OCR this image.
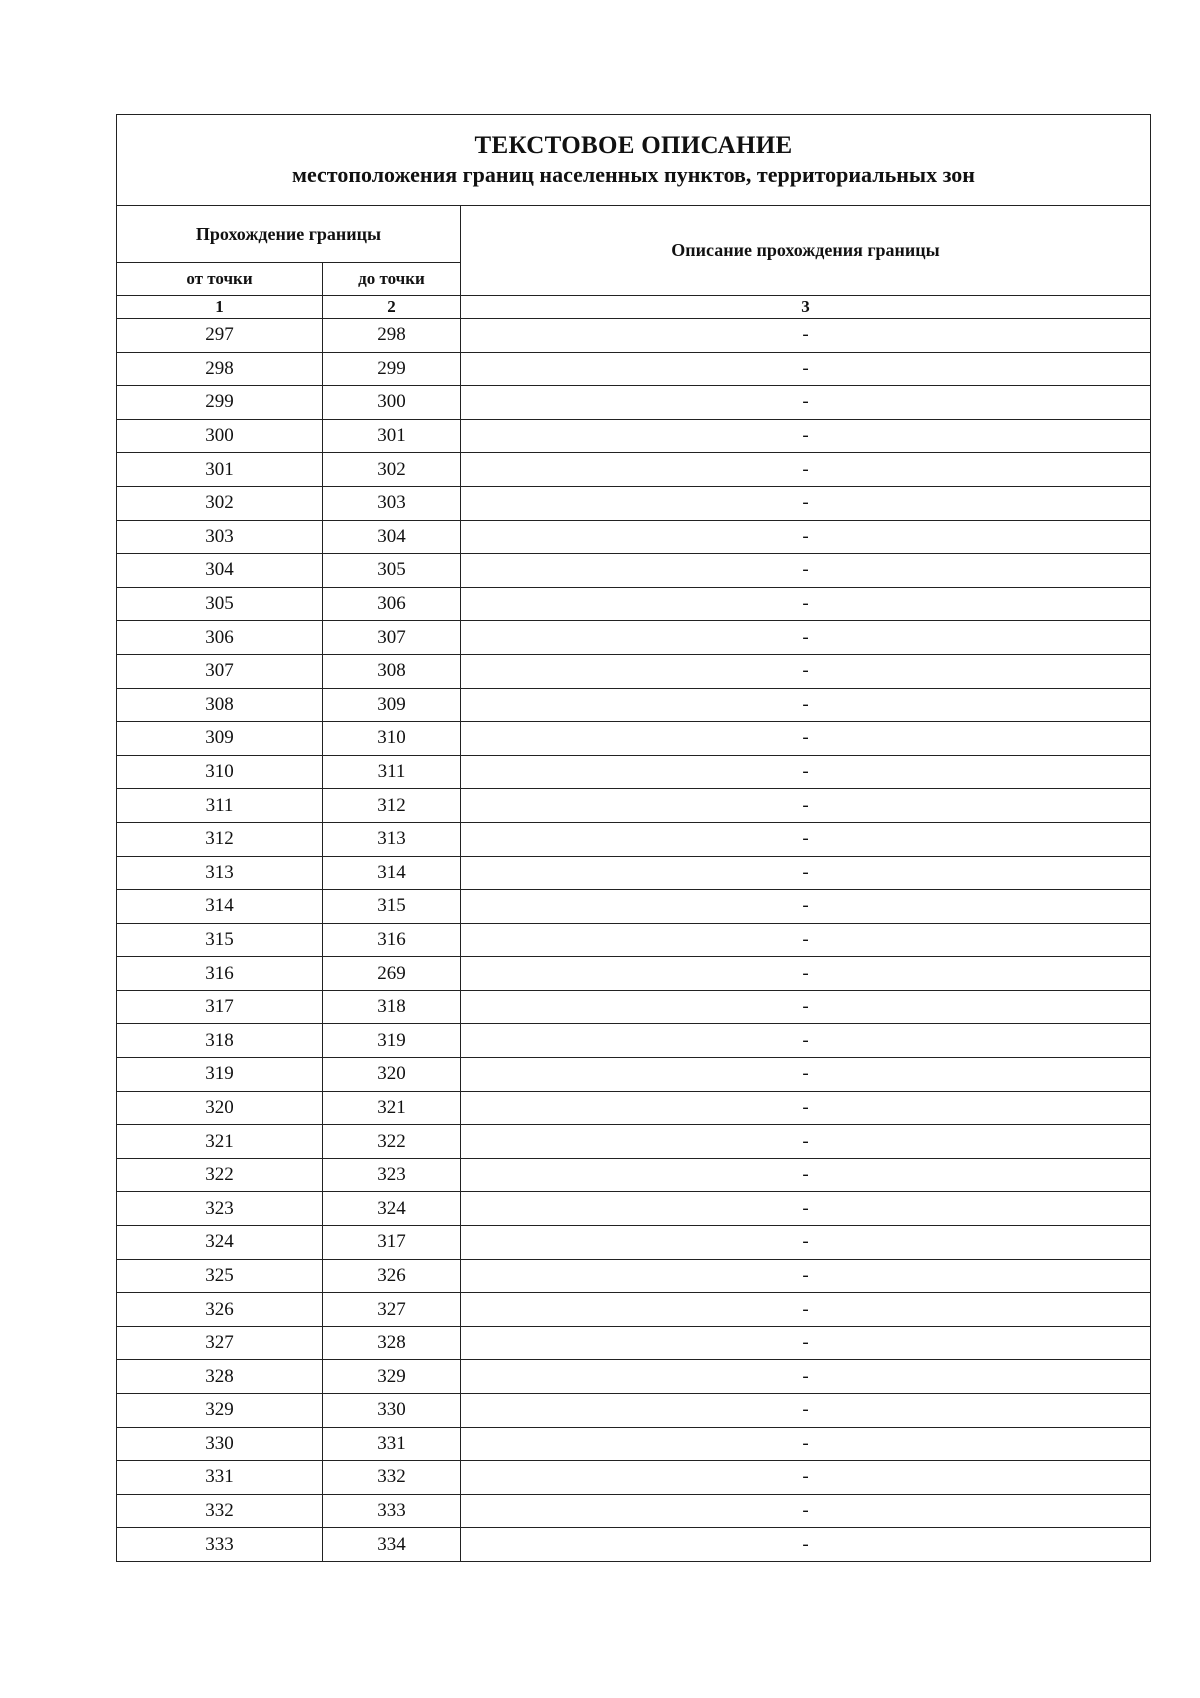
ТЕКСТОВОЕ ОПИСАНИЕ
местоположения границ населенных пунктов, территориальных зон		

Прохождение границы		Описание прохождения границы
от точки	до точки	
1	2	3
297	298	-
298	299	-
299	300	-
300	301	-
301	302	-
302	303	-
303	304	-
304	305	-
305	306	-
306	307	-
307	308	-
308	309	-
309	310	-
310	311	-
311	312	-
312	313	-
313	314	-
314	315	-
315	316	-
316	269	-
317	318	-
318	319	-
319	320	-
320	321	-
321	322	-
322	323	-
323	324	-
324	317	-
325	326	-
326	327	-
327	328	-
328	329	-
329	330	-
330	331	-
331	332	-
332	333	-
333	334	-
